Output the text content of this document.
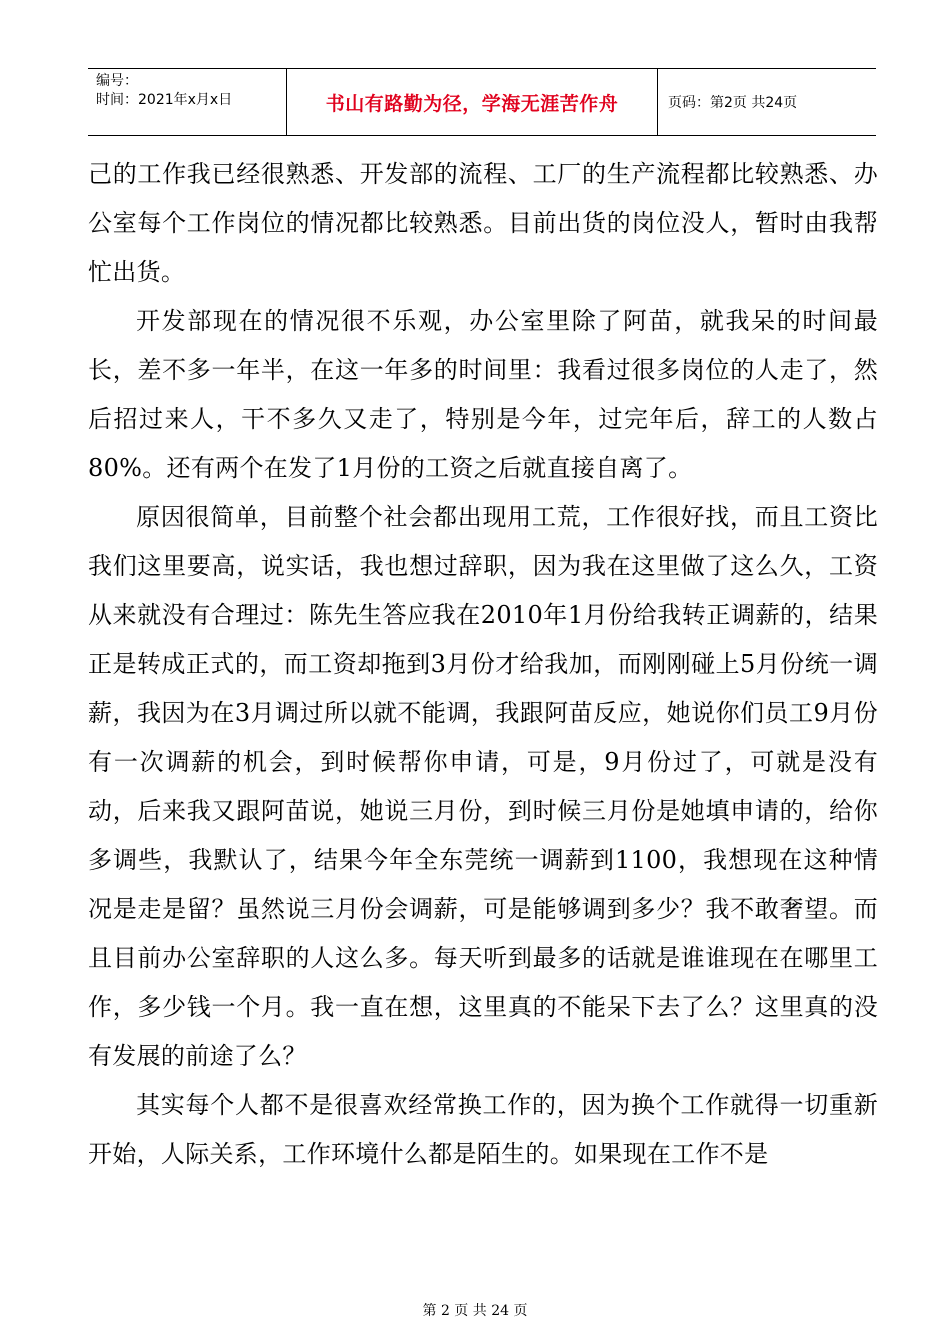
编号：
时间：2021年x月x日	书山有路勤为径，学海无涯苦作舟	页码：第2页 共24页

己的工作我已经很熟悉、开发部的流程、工厂的生产流程都比较熟悉、办公室每个工作岗位的情况都比较熟悉。目前出货的岗位没人，暂时由我帮忙出货。

开发部现在的情况很不乐观，办公室里除了阿苗，就我呆的时间最长，差不多一年半，在这一年多的时间里：我看过很多岗位的人走了，然后招过来人，干不多久又走了，特别是今年，过完年后，辞工的人数占80%。还有两个在发了1月份的工资之后就直接自离了。

原因很简单，目前整个社会都出现用工荒，工作很好找，而且工资比我们这里要高，说实话，我也想过辞职，因为我在这里做了这么久，工资从来就没有合理过：陈先生答应我在2010年1月份给我转正调薪的，结果正是转成正式的，而工资却拖到3月份才给我加，而刚刚碰上5月份统一调薪，我因为在3月调过所以就不能调，我跟阿苗反应，她说你们员工9月份有一次调薪的机会，到时候帮你申请，可是，9月份过了，可就是没有动，后来我又跟阿苗说，她说三月份，到时候三月份是她填申请的，给你多调些，我默认了，结果今年全东莞统一调薪到1100，我想现在这种情况是走是留？虽然说三月份会调薪，可是能够调到多少？我不敢奢望。而且目前办公室辞职的人这么多。每天听到最多的话就是谁谁现在在哪里工作，多少钱一个月。我一直在想，这里真的不能呆下去了么？这里真的没有发展的前途了么？

其实每个人都不是很喜欢经常换工作的，因为换个工作就得一切重新开始，人际关系，工作环境什么都是陌生的。如果现在工作不是

第 2 页 共 24 页
